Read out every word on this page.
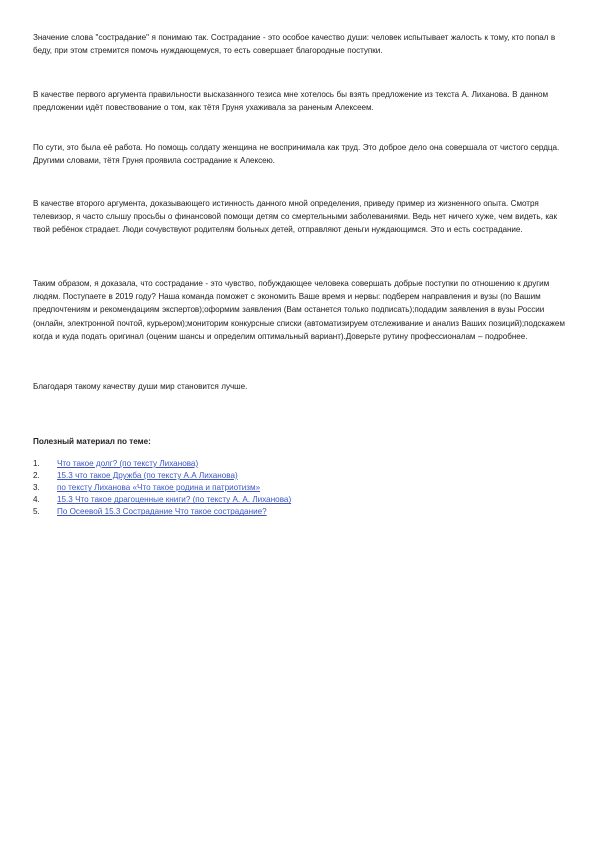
Значение слова "сострадание" я понимаю так. Сострадание - это особое качество души: человек испытывает жалость к тому, кто попал в беду, при этом стремится помочь нуждающемуся, то есть совершает благородные поступки.

В качестве первого аргумента правильности высказанного тезиса мне хотелось бы взять предложение из текста А. Лиханова. В данном предложении идёт повествование о том, как тётя Груня ухаживала за раненым Алексеем.

По сути, это была её работа. Но помощь солдату женщина не воспринимала как труд. Это доброе дело она совершала от чистого сердца. Другими словами, тётя Груня проявила сострадание к Алексею.

В качестве второго аргумента, доказывающего истинность данного мной определения, приведу пример из жизненного опыта. Смотря телевизор, я часто слышу просьбы о финансовой помощи детям со смертельными заболеваниями. Ведь нет ничего хуже, чем видеть, как твой ребёнок страдает. Люди сочувствуют родителям больных детей, отправляют деньги нуждающимся. Это и есть сострадание.

Таким образом, я доказала, что сострадание - это чувство, побуждающее человека совершать добрые поступки по отношению к другим людям. Поступаете в 2019 году? Наша команда поможет с экономить Ваше время и нервы: подберем направления и вузы (по Вашим предпочтениям и рекомендациям экспертов);оформим заявления (Вам останется только подписать);подадим заявления в вузы России (онлайн, электронной почтой, курьером);мониторим конкурсные списки (автоматизируем отслеживание и анализ Ваших позиций);подскажем когда и куда подать оригинал (оценим шансы и определим оптимальный вариант).Доверьте рутину профессионалам – подробнее.

Благодаря такому качеству души мир становится лучше.

Полезный материал по теме:

1. Что такое долг? (по тексту Лиханова)
2. 15.3 что такое Дружба (по тексту А.А Лиханова)
3. по тексту Лиханова «Что такое родина и патриотизм»
4. 15.3 Что такое драгоценные книги? (по тексту А. А. Лиханова)
5. По Осеевой 15.3 Сострадание Что такое сострадание?
